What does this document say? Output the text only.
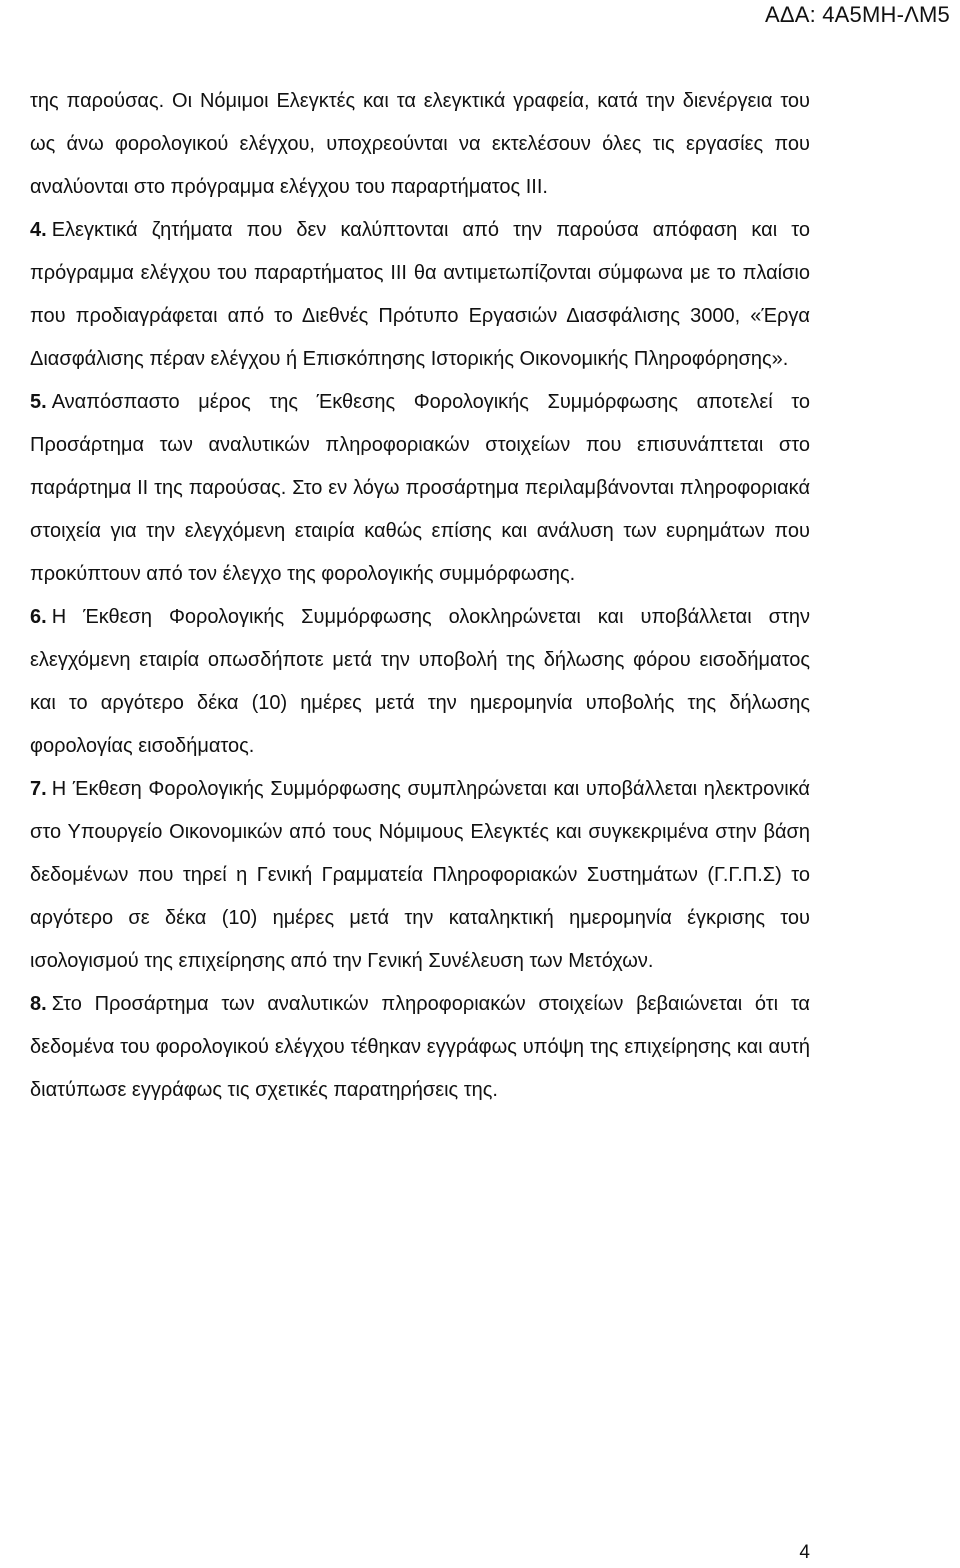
ΑΔΑ: 4Α5ΜΗ-ΛΜ5

της παρούσας. Οι Νόμιμοι Ελεγκτές και τα ελεγκτικά γραφεία, κατά την διενέργεια του ως άνω φορολογικού ελέγχου, υποχρεούνται να εκτελέσουν όλες τις εργασίες που αναλύονται στο πρόγραμμα ελέγχου του παραρτήματος ΙΙΙ.

4. Ελεγκτικά ζητήματα που δεν καλύπτονται από την παρούσα απόφαση και το πρόγραμμα ελέγχου του παραρτήματος ΙΙΙ θα αντιμετωπίζονται σύμφωνα με το πλαίσιο που προδιαγράφεται από το Διεθνές Πρότυπο Εργασιών Διασφάλισης 3000, «Έργα Διασφάλισης πέραν ελέγχου ή Επισκόπησης Ιστορικής Οικονομικής Πληροφόρησης».

5. Αναπόσπαστο μέρος της Έκθεσης Φορολογικής Συμμόρφωσης αποτελεί το Προσάρτημα των αναλυτικών πληροφοριακών στοιχείων που επισυνάπτεται στο παράρτημα ΙΙ της παρούσας. Στο εν λόγω προσάρτημα περιλαμβάνονται πληροφοριακά στοιχεία για την ελεγχόμενη εταιρία καθώς επίσης και ανάλυση των ευρημάτων που προκύπτουν από τον έλεγχο της φορολογικής συμμόρφωσης.

6. Η Έκθεση Φορολογικής Συμμόρφωσης ολοκληρώνεται και υποβάλλεται στην ελεγχόμενη εταιρία οπωσδήποτε μετά την υποβολή της δήλωσης φόρου εισοδήματος και το αργότερο δέκα (10) ημέρες μετά την ημερομηνία υποβολής της δήλωσης φορολογίας εισοδήματος.

7. Η Έκθεση Φορολογικής Συμμόρφωσης συμπληρώνεται και υποβάλλεται ηλεκτρονικά στο Υπουργείο Οικονομικών από τους Νόμιμους Ελεγκτές και συγκεκριμένα στην βάση δεδομένων που τηρεί η Γενική Γραμματεία Πληροφοριακών Συστημάτων (Γ.Γ.Π.Σ) το αργότερο σε δέκα (10) ημέρες μετά την καταληκτική ημερομηνία έγκρισης του ισολογισμού της επιχείρησης από την Γενική Συνέλευση των Μετόχων.

8. Στο Προσάρτημα των αναλυτικών πληροφοριακών στοιχείων βεβαιώνεται ότι τα δεδομένα του φορολογικού ελέγχου τέθηκαν εγγράφως υπόψη της επιχείρησης και αυτή διατύπωσε εγγράφως τις σχετικές παρατηρήσεις της.

4
